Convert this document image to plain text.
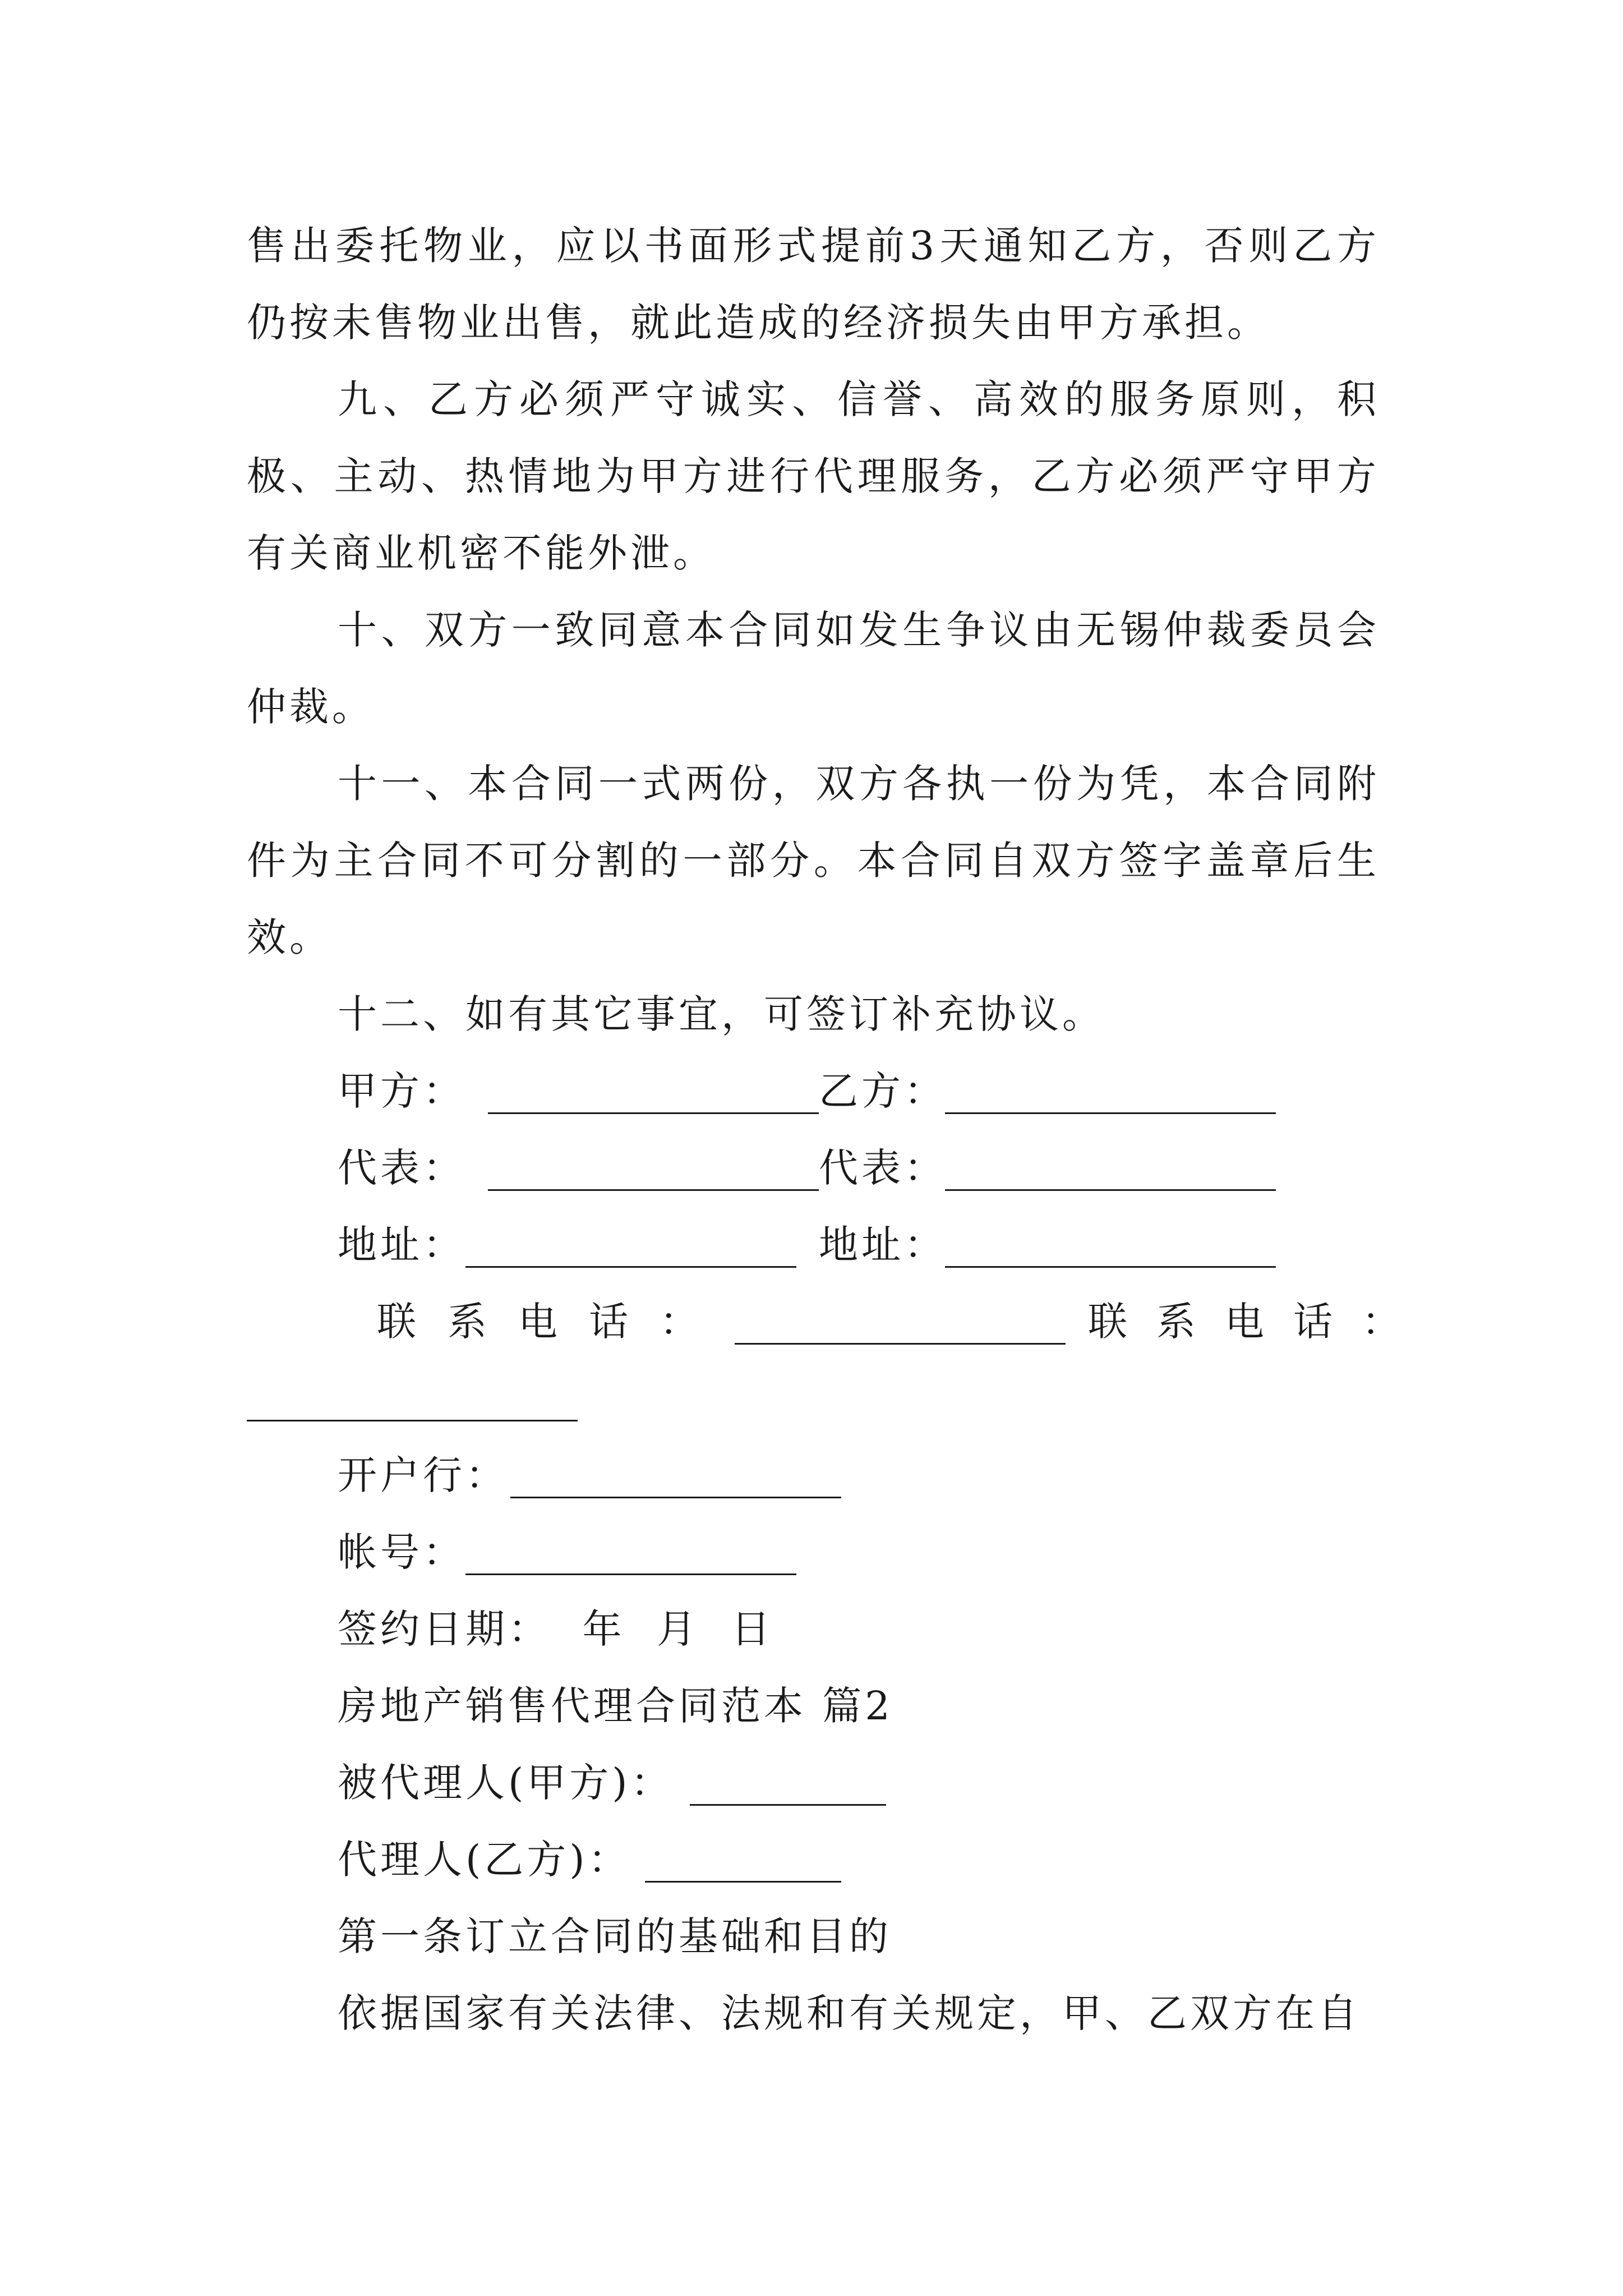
售出委托物业，应以书面形式提前3天通知乙方，否则乙方仍按未售物业出售，就此造成的经济损失由甲方承担。

九、乙方必须严守诚实、信誉、高效的服务原则，积极、主动、热情地为甲方进行代理服务，乙方必须严守甲方有关商业机密不能外泄。

十、双方一致同意本合同如发生争议由无锡仲裁委员会仲裁。

十一、本合同一式两份，双方各执一份为凭，本合同附件为主合同不可分割的一部分。本合同自双方签字盖章后生效。

十二、如有其它事宜，可签订补充协议。

甲方：	乙方：
代表：	代表：
地址：	地址：
联系电话：	联系电话：
开户行：
帐号：
签约日期：  年  月  日
房地产销售代理合同范本 篇2
被代理人(甲方)：
代理人(乙方)：
第一条订立合同的基础和目的
依据国家有关法律、法规和有关规定，甲、乙双方在自
